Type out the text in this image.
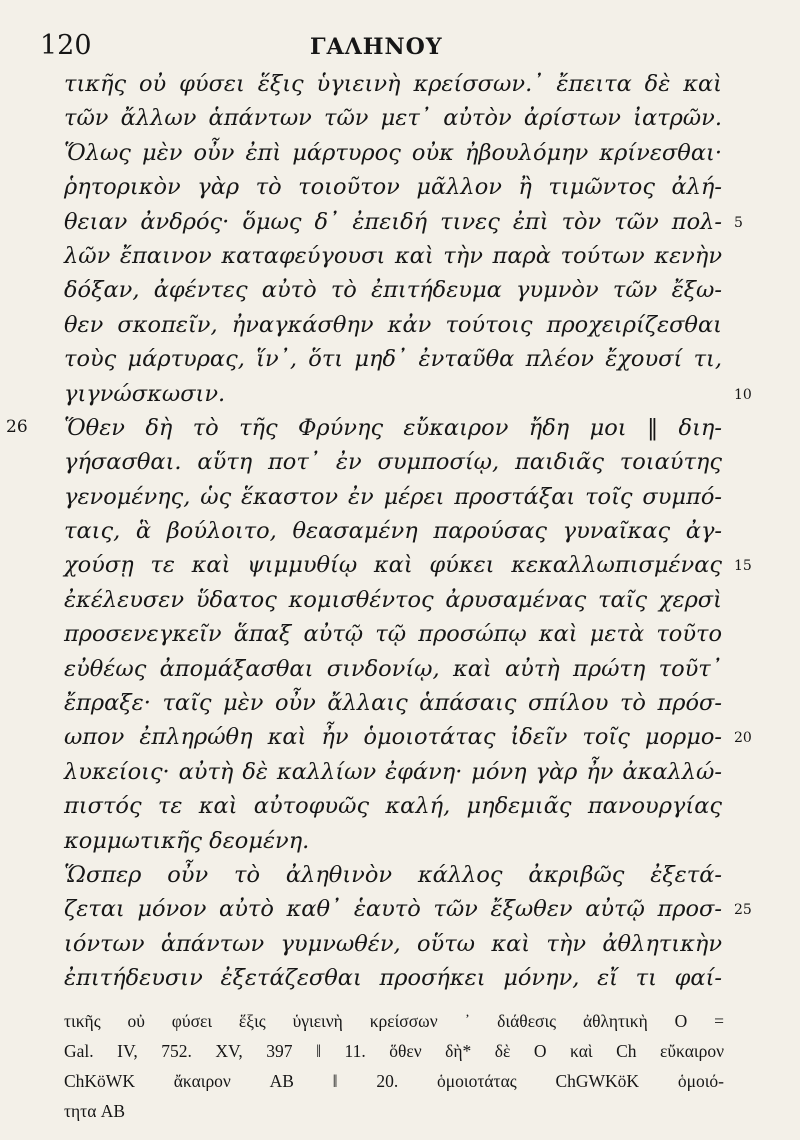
120	ΓΑΛΗΝΟΥ
τικῆς οὐ φύσει ἕξις ὑγιεινὴ κρείσσων.᾿ ἔπειτα δὲ καὶ
τῶν ἄλλων ἁπάντων τῶν μετ᾿ αὐτὸν ἀρίστων ἰατρῶν.
Ὅλως μὲν οὖν ἐπὶ μάρτυρος οὐκ ἠβουλόμην κρίνεσθαι·
ῥητορικὸν γὰρ τὸ τοιοῦτον μᾶλλον ἢ τιμῶντος ἀλή-
θειαν ἀνδρός· ὅμως δ᾿ ἐπειδή τινες ἐπὶ τὸν τῶν πολ- 5
λῶν ἔπαινον καταφεύγουσι καὶ τὴν παρὰ τούτων κενὴν
δόξαν, ἀφέντες αὐτὸ τὸ ἐπιτήδευμα γυμνὸν τῶν ἔξω-
θεν σκοπεῖν, ἠναγκάσθην κἀν τούτοις προχειρίζεσθαι
τοὺς μάρτυρας, ἵν᾿, ὅτι μηδ᾿ ἐνταῦθα πλέον ἔχουσί τι,
γιγνώσκωσιν.	10
Ὅθεν δὴ τὸ τῆς Φρύνης εὔκαιρον ἤδη μοι ‖ διη-
26
γήσασθαι. αὕτη ποτ᾿ ἐν συμποσίῳ, παιδιᾶς τοιαύτης
γενομένης, ὡς ἕκαστον ἐν μέρει προστάξαι τοῖς συμπό-
ταις, ἃ βούλοιτο, θεασαμένη παρούσας γυναῖκας ἀγ-
χούσῃ τε καὶ ψιμμυθίῳ καὶ φύκει κεκαλλωπισμένας 15
ἐκέλευσεν ὕδατος κομισθέντος ἀρυσαμένας ταῖς χερσὶ
προσενεγκεῖν ἅπαξ αὐτῷ τῷ προσώπῳ καὶ μετὰ τοῦτο
εὐθέως ἀπομάξασθαι σινδονίῳ, καὶ αὐτὴ πρώτη τοῦτ᾿
ἔπραξε· ταῖς μὲν οὖν ἄλλαις ἁπάσαις σπίλου τὸ πρόσ-
ωπον ἐπληρώθη καὶ ἦν ὁμοιοτάτας ἰδεῖν τοῖς μορμο- 20
λυκείοις· αὐτὴ δὲ καλλίων ἐφάνη· μόνη γὰρ ἦν ἀκαλλώ-
πιστός τε καὶ αὐτοφυῶς καλή, μηδεμιᾶς πανουργίας
κομμωτικῆς δεομένη.
Ὥσπερ οὖν τὸ ἀληθινὸν κάλλος ἀκριβῶς ἐξετά-
ζεται μόνον αὐτὸ καθ᾿ ἑαυτὸ τῶν ἔξωθεν αὐτῷ προσ- 25
ιόντων ἁπάντων γυμνωθέν, οὕτω καὶ τὴν ἀθλητικὴν
ἐπιτήδευσιν ἐξετάζεσθαι προσήκει μόνην, εἴ τι φαί-
τικῆς οὐ φύσει ἕξις ὑγιεινὴ κρείσσων ᾿ διάθεσις ἀθλητικὴ O =
Gal. IV, 752. XV, 397 ‖ 11. ὅθεν δὴ* δὲ O καὶ Ch εὔκαιρον
ChKöWK ἄκαιρον AB ‖ 20. ὁμοιοτάτας ChGWKöK ὁμοιό-
τητα AB
